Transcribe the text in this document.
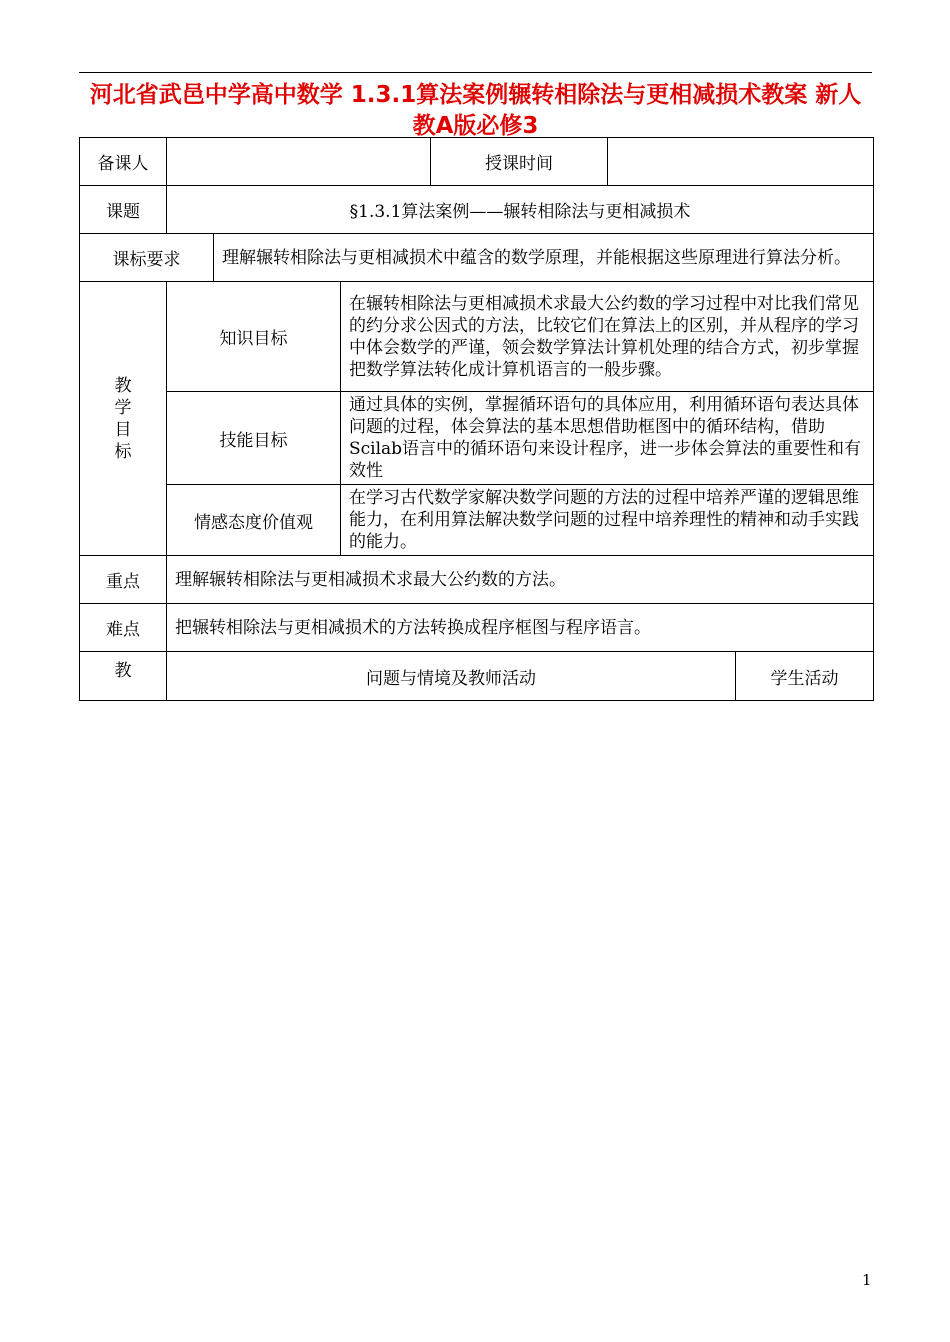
河北省武邑中学高中数学 1.3.1算法案例辗转相除法与更相减损术教案 新人教A版必修3
备课人				授课时间		
课题	§1.3.1算法案例——辗转相除法与更相减损术					
课标要求		理解辗转相除法与更相减损术中蕴含的数学原理，并能根据这些原理进行算法分析。				
教
学
目
标	知识目标		在辗转相除法与更相减损术求最大公约数的学习过程中对比我们常见的约分求公因式的方法，比较它们在算法上的区别，并从程序的学习中体会数学的严谨，领会数学算法计算机处理的结合方式，初步掌握把数学算法转化成计算机语言的一般步骤。			
	技能目标		通过具体的实例，掌握循环语句的具体应用，利用循环语句表达具体问题的过程，体会算法的基本思想借助框图中的循环结构，借助Scilab语言中的循环语句来设计程序，进一步体会算法的重要性和有效性			
	情感态度价值观		在学习古代数学家解决数学问题的方法的过程中培养严谨的逻辑思维能力，在利用算法解决数学问题的过程中培养理性的精神和动手实践的能力。			
重点	理解辗转相除法与更相减损术求最大公约数的方法。					
难点	把辗转相除法与更相减损术的方法转换成程序框图与程序语言。					
教	问题与情境及教师活动					学生活动
1
